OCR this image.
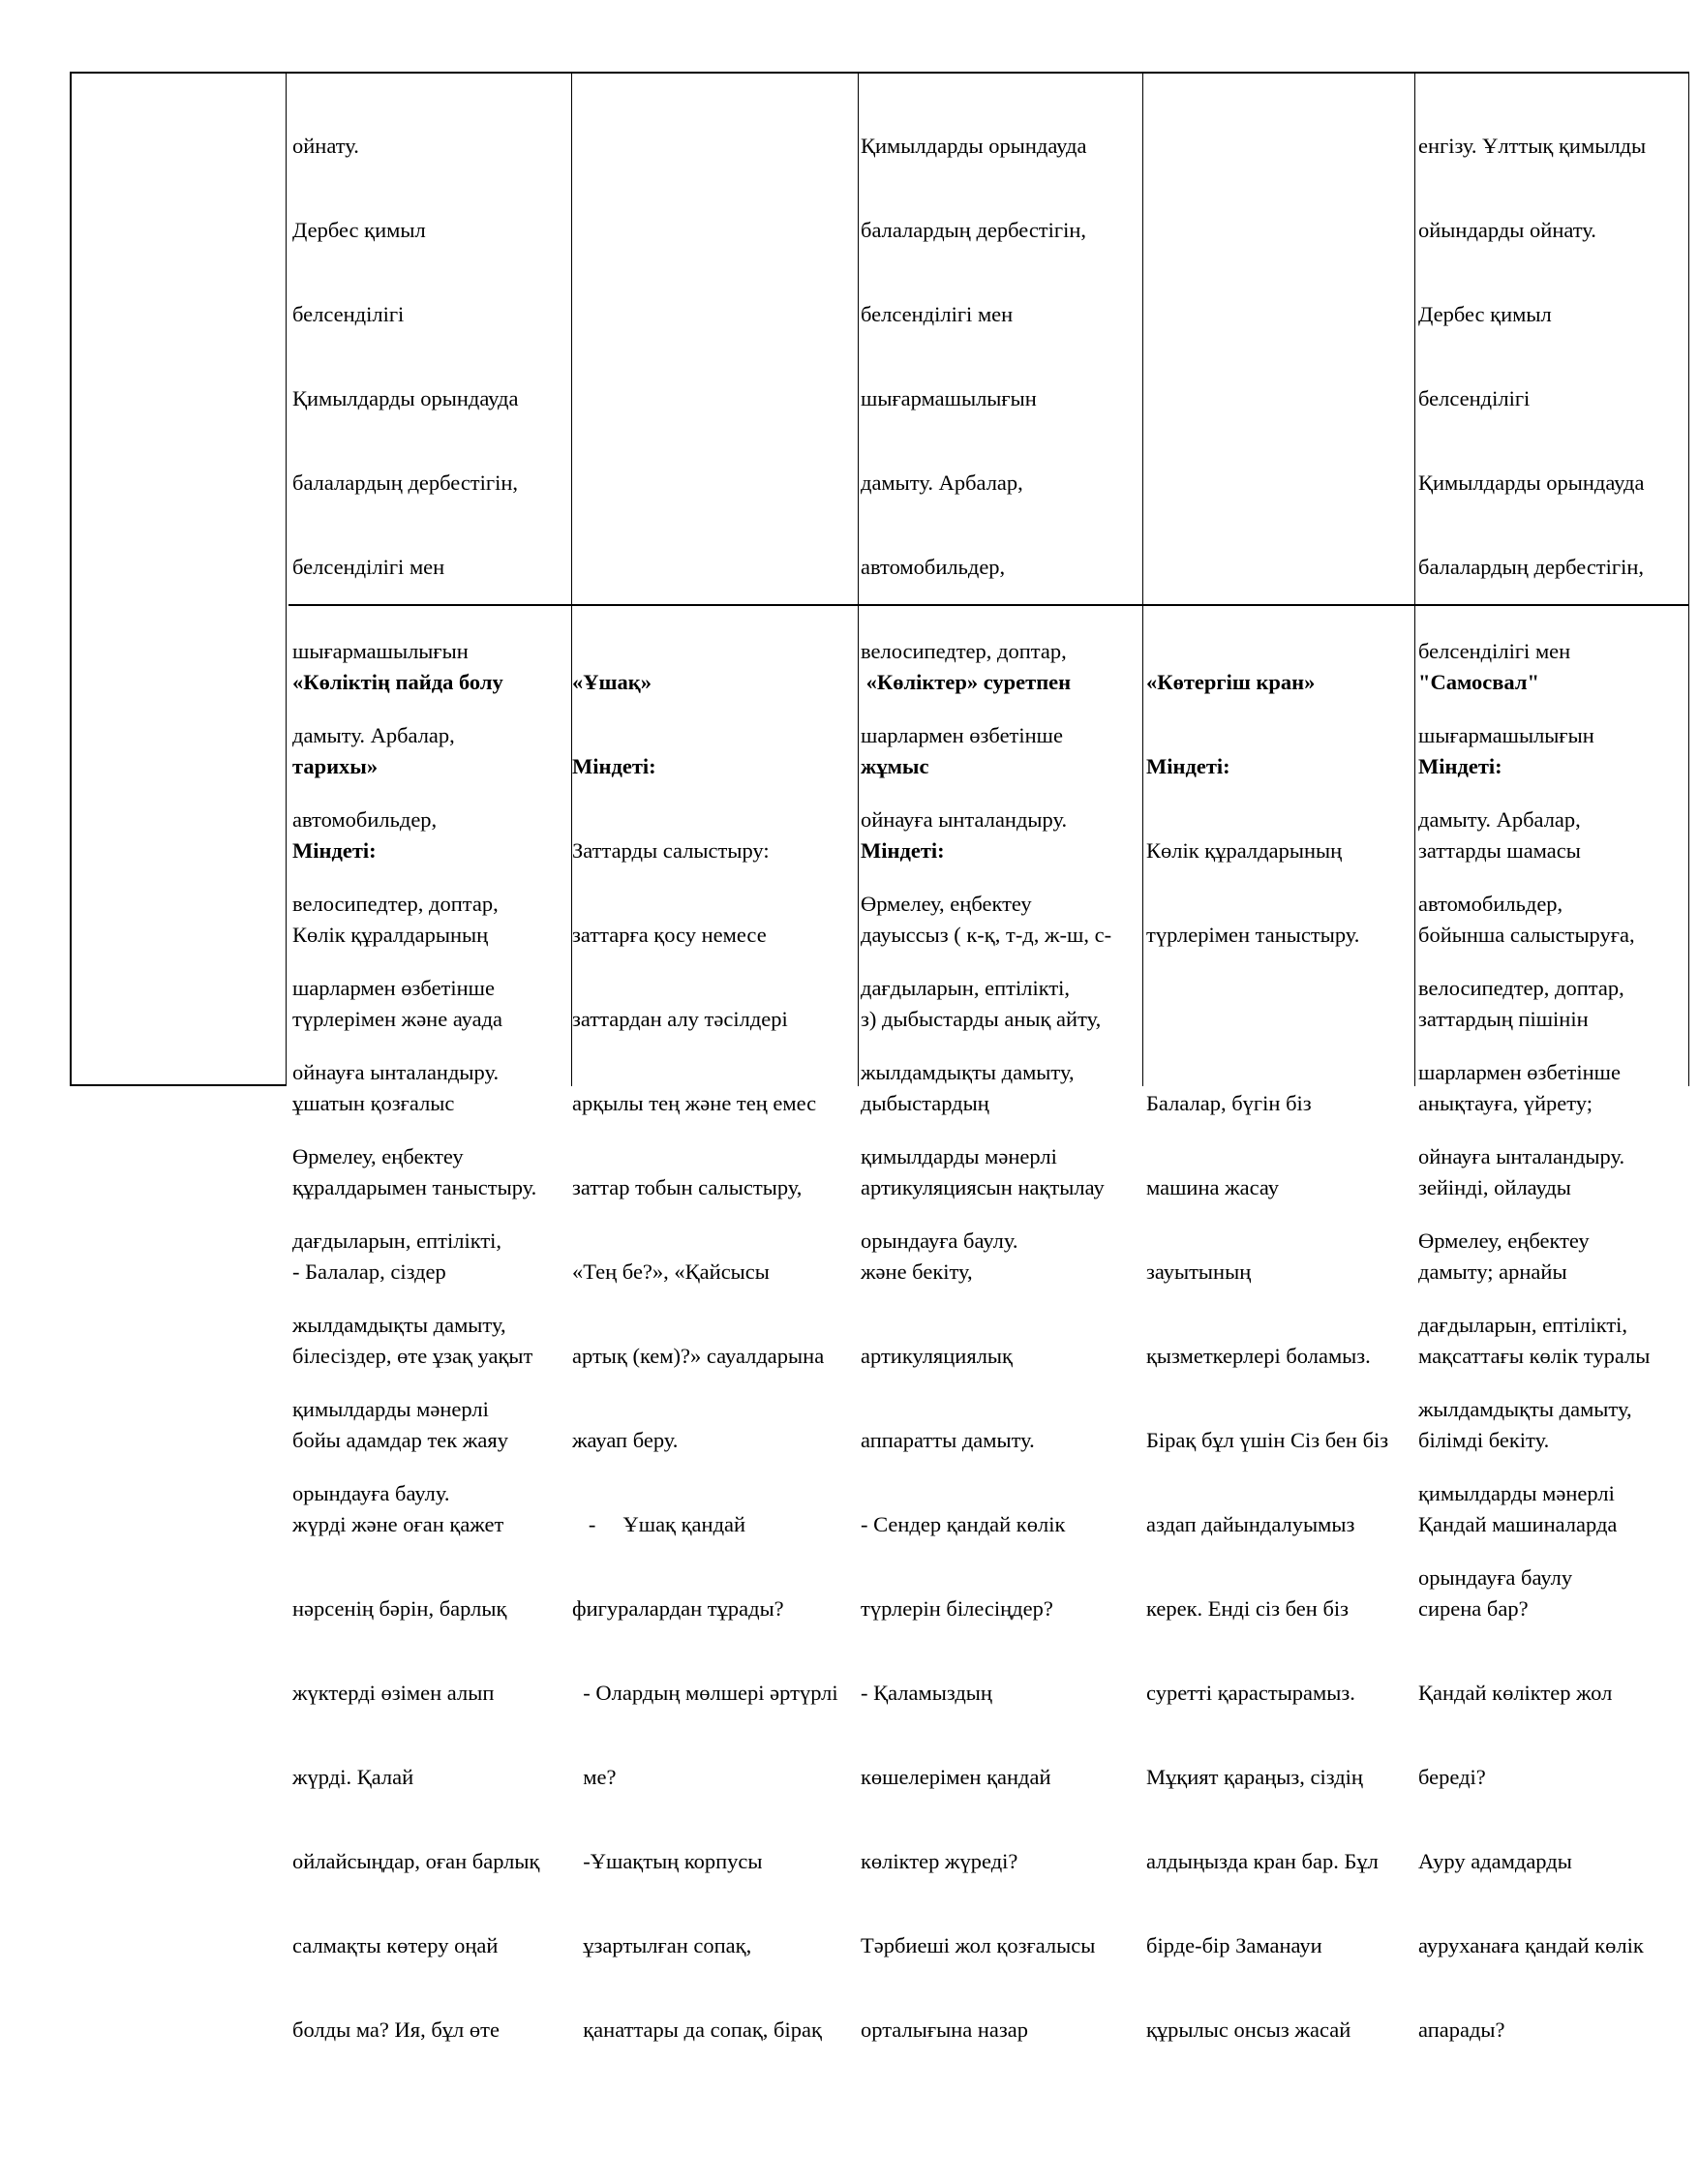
ойнату.

Дербес қимыл

белсенділігі

Қимылдарды орындауда

балалардың дербестігін,

белсенділігі мен

шығармашылығын

дамыту. Арбалар,

автомобильдер,

велосипедтер, доптар,

шарлармен өзбетінше

ойнауға ынталандыру.

Өрмелеу, еңбектеу

дағдыларын, ептілікті,

жылдамдықты дамыту,

қимылдарды мәнерлі

орындауға баулу.

Қимылдарды орындауда

балалардың дербестігін,

белсенділігі мен

шығармашылығын

дамыту. Арбалар,

автомобильдер,

велосипедтер, доптар,

шарлармен өзбетінше

ойнауға ынталандыру.

Өрмелеу, еңбектеу

дағдыларын, ептілікті,

жылдамдықты дамыту,

қимылдарды мәнерлі

орындауға баулу.

енгізу. Ұлттық қимылды

ойындарды ойнату.

Дербес қимыл

белсенділігі

Қимылдарды орындауда

балалардың дербестігін,

белсенділігі мен

шығармашылығын

дамыту. Арбалар,

автомобильдер,

велосипедтер, доптар,

шарлармен өзбетінше

ойнауға ынталандыру.

Өрмелеу, еңбектеу

дағдыларын, ептілікті,

жылдамдықты дамыту,

қимылдарды мәнерлі

орындауға баулу

«Көліктің пайда болу

тарихы»

Міндеті:

Көлік құралдарының

түрлерімен және ауада

ұшатын қозғалыс

құралдарымен таныстыру.

- Балалар, сіздер

білесіздер, өте ұзақ уақыт

бойы адамдар тек жаяу

жүрді және оған қажет

нәрсенің бәрін, барлық

жүктерді өзімен алып

жүрді. Қалай

ойлайсыңдар, оған барлық

салмақты көтеру оңай

болды ма? Ия, бұл өте

«Ұшақ»

Міндеті:

Заттарды салыстыру:

заттарға қосу немесе

заттардан алу тәсілдері

арқылы тең және тең емес

заттар тобын салыстыру,

«Тең бе?», «Қайсысы

артық (кем)?» сауалдарына

жауап беру.

-     Ұшақ қандай

фигуралардан тұрады?

- Олардың мөлшері әртүрлі

ме?

-Ұшақтың корпусы

ұзартылған сопақ,

қанаттары да сопақ, бірақ

«Көліктер» суретпен

жұмыс

Міндеті:

дауыссыз ( к-қ, т-д, ж-ш, с-

з) дыбыстарды анық айту,

дыбыстардың

артикуляциясын нақтылау

және бекіту,

артикуляциялық

аппаратты дамыту.

- Сендер қандай көлік

түрлерін білесіңдер?

- Қаламыздың

көшелерімен қандай

көліктер жүреді?

Тәрбиеші жол қозғалысы

орталығына назар

«Көтергіш кран»

Міндеті:

Көлік құралдарының

түрлерімен таныстыру.

Балалар, бүгін біз

машина жасау

зауытының

қызметкерлері боламыз.

Бірақ бұл үшін Сіз бен біз

аздап дайындалуымыз

керек. Енді сіз бен біз

суретті қарастырамыз.

Мұқият қараңыз, сіздің

алдыңызда кран бар. Бұл

бірде-бір Заманауи

құрылыс онсыз жасай

"Самосвал"

Міндеті:

заттарды шамасы

бойынша салыстыруға,

заттардың пішінін

анықтауға, үйрету;

зейінді, ойлауды

дамыту; арнайы

мақсаттағы көлік туралы

білімді бекіту.

Қандай машиналарда

сирена бар?

Қандай көліктер жол

береді?

Ауру адамдарды

ауруханаға қандай көлік

апарады?
